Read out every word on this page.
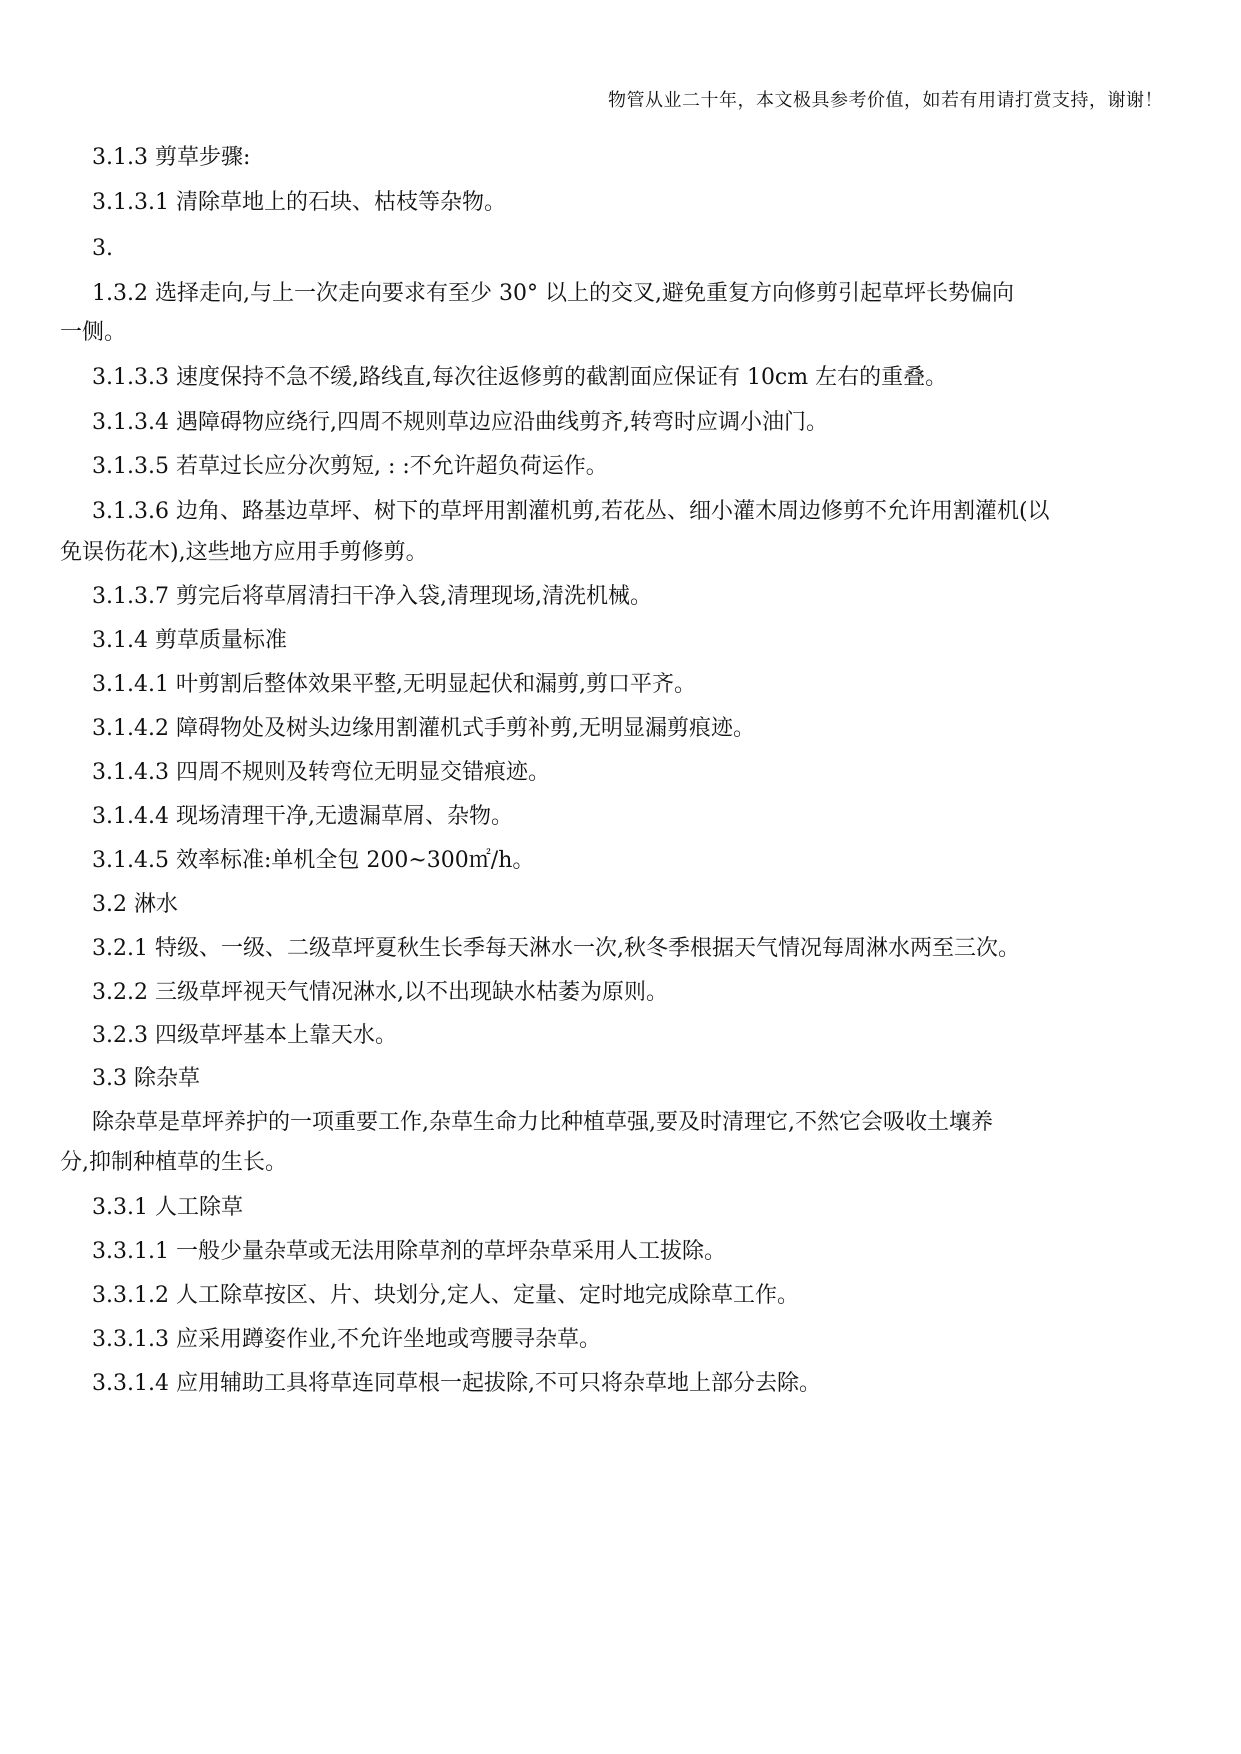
物管从业二十年，本文极具参考价值，如若有用请打赏支持，谢谢！
3.1.3 剪草步骤:
3.1.3.1 清除草地上的石块、枯枝等杂物。
3.
1.3.2 选择走向,与上一次走向要求有至少 30° 以上的交叉,避免重复方向修剪引起草坪长势偏向
一侧。
3.1.3.3 速度保持不急不缓,路线直,每次往返修剪的截割面应保证有 10cm 左右的重叠。
3.1.3.4 遇障碍物应绕行,四周不规则草边应沿曲线剪齐,转弯时应调小油门。
3.1.3.5 若草过长应分次剪短, : :不允许超负荷运作。
3.1.3.6 边角、路基边草坪、树下的草坪用割灌机剪,若花丛、细小灌木周边修剪不允许用割灌机(以
免误伤花木),这些地方应用手剪修剪。
3.1.3.7 剪完后将草屑清扫干净入袋,清理现场,清洗机械。
3.1.4 剪草质量标准
3.1.4.1 叶剪割后整体效果平整,无明显起伏和漏剪,剪口平齐。
3.1.4.2 障碍物处及树头边缘用割灌机式手剪补剪,无明显漏剪痕迹。
3.1.4.3 四周不规则及转弯位无明显交错痕迹。
3.1.4.4 现场清理干净,无遗漏草屑、杂物。
3.1.4.5 效率标准:单机全包 200~300㎡/h。
3.2 淋水
3.2.1 特级、一级、二级草坪夏秋生长季每天淋水一次,秋冬季根据天气情况每周淋水两至三次。
3.2.2 三级草坪视天气情况淋水,以不出现缺水枯萎为原则。
3.2.3 四级草坪基本上靠天水。
3.3 除杂草
除杂草是草坪养护的一项重要工作,杂草生命力比种植草强,要及时清理它,不然它会吸收土壤养
分,抑制种植草的生长。
3.3.1 人工除草
3.3.1.1 一般少量杂草或无法用除草剂的草坪杂草采用人工拔除。
3.3.1.2 人工除草按区、片、块划分,定人、定量、定时地完成除草工作。
3.3.1.3 应采用蹲姿作业,不允许坐地或弯腰寻杂草。
3.3.1.4 应用辅助工具将草连同草根一起拔除,不可只将杂草地上部分去除。
